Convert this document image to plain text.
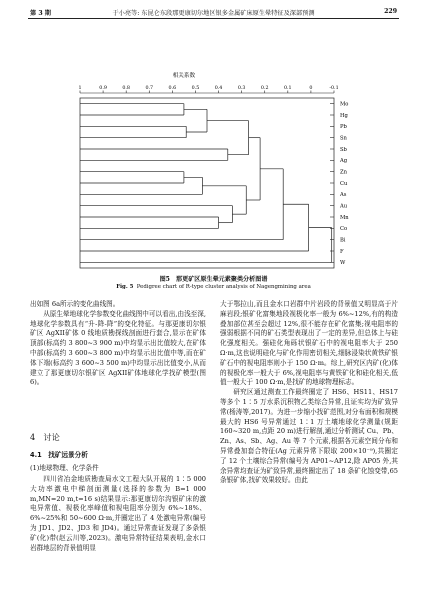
第 3 期	于小亮等: 东昆仑东段那更康切尔地区银多金属矿床原生晕特征及深部预测	229
相关系数
1	0.9	0.8	0.7	0.6	0.5	0.4	0.3	0.2	0.1	0	-0.1
Mo
Hg
Pb
Sn
Sb
Ag
Zn
Cu
As
Au
Mn
Co
Bi
F
W
图5　那更矿区原生晕元素聚类分析图谱
Fig. 5 Pedigree chart of R-type cluster analysis of Nagengmining area

出如图 6a所示的变化曲线图。

从原生晕地球化学参数变化曲线图中可以看出,由浅至深,地球化学参数具有“升-降-降”的变化特征。与那更康切尔银矿区 AgXII矿体 0 线地质勘探线剖面进行套合,显示在矿体顶部(标高约 3 800~3 900 m)中均显示出比值较大,在矿体中部(标高约 3 600~3 800 m)中均显示出比值中等,而在矿体下端(标高约 3 600~3 500 m)中均显示出比值变小,从而建立了那更康切尔银矿区 AgXII矿体地球化学找矿模型(图 6)。

4　讨论
4.1　找矿远景分析
(1)地球物理、化学条件

四川省冶金地质勘查局水文工程大队开展的 1∶5 000 大功率激电中梯剖面测量(选择的参数为 B=1 000 m,MN=20 m,t=16 s)结果显示:那更康切尔沟银矿床的激电异常值、视极化率峰值和视电阻率分别为 6%~18%、6%~25%和 50~600 Ω·m,并圈定出了 4 处激电异常(编号为 JD1、JD2、JD3 和 JD4)。通过异常查证发现了多条银矿(化)带(赵云川等,2023)。激电异常特征结果表明,金水口岩群地层的背景值明显

大于鄂拉山,而且金水口岩群中片岩段的背景值又明显高于片麻岩段;银矿化富集地段视极化率一般为 6%~12%,有的构造叠加部位甚至会超过 12%,很不能存在矿化富集;视电阻率的强弱根据不同的矿石类型表现出了一定的差异,但总体上与硅化强度相关。强硅化角砾状银矿石中的视电阻率大于 250 Ω·m,这也说明硅化与矿化作用密切相关,细脉浸染状黄铁矿银矿石中的视电阻率则小于 150 Ω·m。综上,研究区内矿(化)体的视极化率一般大于 6%,视电阻率与黄铁矿化和硅化相关,低值一般大于 100 Ω·m,是找矿的地球物理标志。

研究区通过测查工作最终圈定了 HS6、HS11、HS17 等多个 1∶5 万水系沉积物乙类综合异常,且证实均为矿致异常(杨涛等,2017)。为进一步缩小找矿范围,对分布面积和规模最大的 HS6 号异常通过 1∶1 万土壤地球化学测量(规距 160~320 m,点距 20 m)进行解剖,通过分析测试 Cu、Pb、Zn、As、Sb、Ag、Au 等 7 个元素,根据各元素空间分布和异常叠加套合特征(Ag 元素异常下限取 200×10⁻⁹),共圈定了 12 个土壤综合异常(编号为 AP01~AP12,除 AP05 外,其余异常均查证为矿致异常,最终圈定出了 18 条矿化蚀变带,65 条银矿体,找矿效果较好。由此
